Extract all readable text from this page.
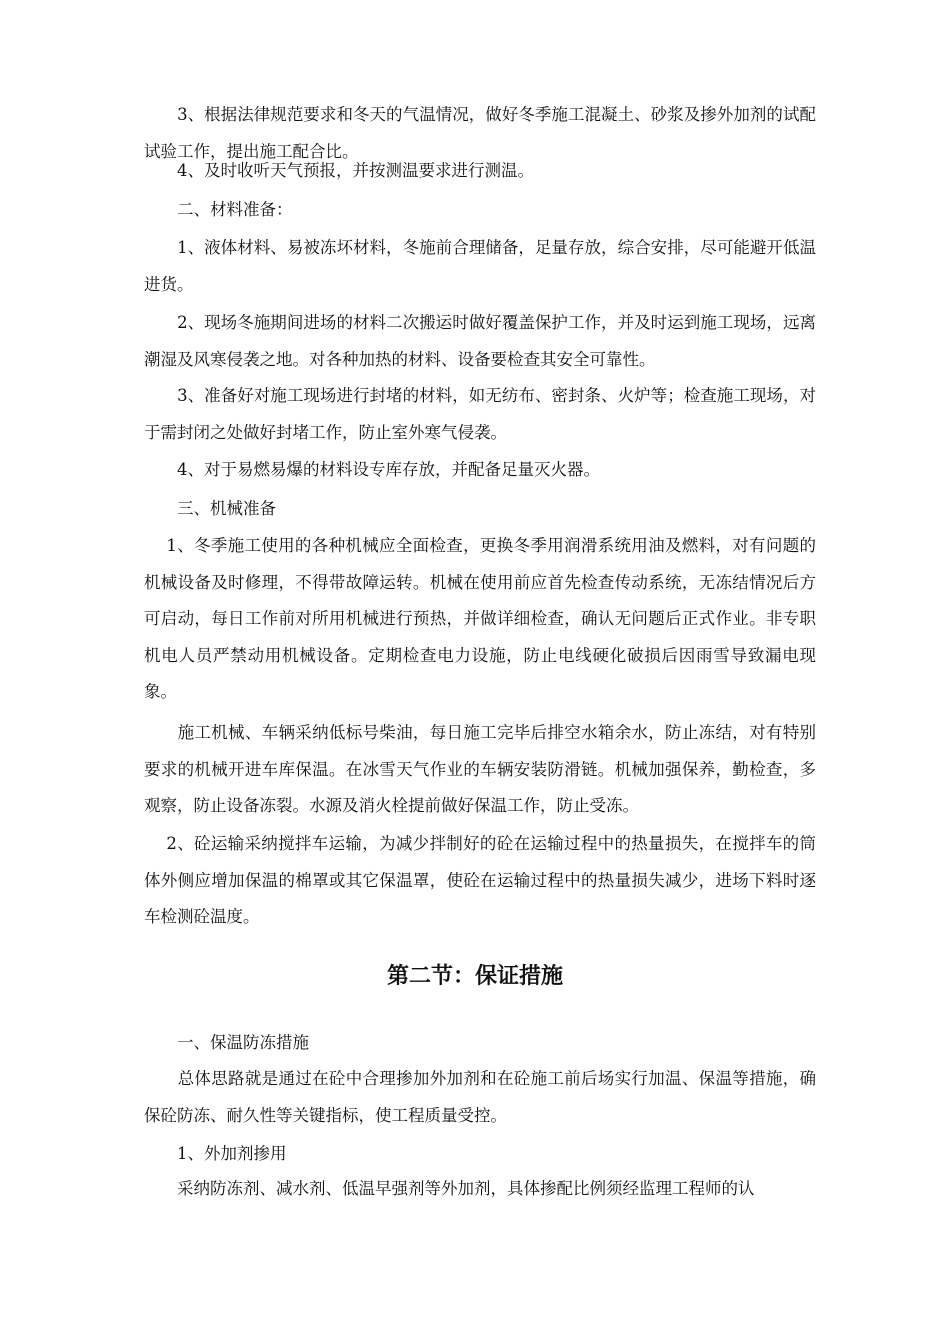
　　3、根据法律规范要求和冬天的气温情况，做好冬季施工混凝土、砂浆及掺外加剂的试配试验工作，提出施工配合比。

　　4、及时收听天气预报，并按测温要求进行测温。

　　二、材料准备：

　　1、液体材料、易被冻坏材料，冬施前合理储备，足量存放，综合安排，尽可能避开低温进货。

　　2、现场冬施期间进场的材料二次搬运时做好覆盖保护工作，并及时运到施工现场，远离潮湿及风寒侵袭之地。对各种加热的材料、设备要检查其安全可靠性。

　　3、准备好对施工现场进行封堵的材料，如无纺布、密封条、火炉等；检查施工现场，对于需封闭之处做好封堵工作，防止室外寒气侵袭。

　　4、对于易燃易爆的材料设专库存放，并配备足量灭火器。

　　三、机械准备

　 1、冬季施工使用的各种机械应全面检查，更换冬季用润滑系统用油及燃料，对有问题的机械设备及时修理，不得带故障运转。机械在使用前应首先检查传动系统，无冻结情况后方可启动，每日工作前对所用机械进行预热，并做详细检查，确认无问题后正式作业。非专职机电人员严禁动用机械设备。定期检查电力设施，防止电线硬化破损后因雨雪导致漏电现象。

　　施工机械、车辆采纳低标号柴油，每日施工完毕后排空水箱余水，防止冻结，对有特别要求的机械开进车库保温。在冰雪天气作业的车辆安装防滑链。机械加强保养，勤检查，多观察，防止设备冻裂。水源及消火栓提前做好保温工作，防止受冻。

　 2、砼运输采纳搅拌车运输，为减少拌制好的砼在运输过程中的热量损失，在搅拌车的筒体外侧应增加保温的棉罩或其它保温罩，使砼在运输过程中的热量损失减少，进场下料时逐车检测砼温度。

第二节：保证措施

　　一、保温防冻措施

　　总体思路就是通过在砼中合理掺加外加剂和在砼施工前后场实行加温、保温等措施，确保砼防冻、耐久性等关键指标，使工程质量受控。

　　1、外加剂掺用

　　采纳防冻剂、减水剂、低温早强剂等外加剂，具体掺配比例须经监理工程师的认
